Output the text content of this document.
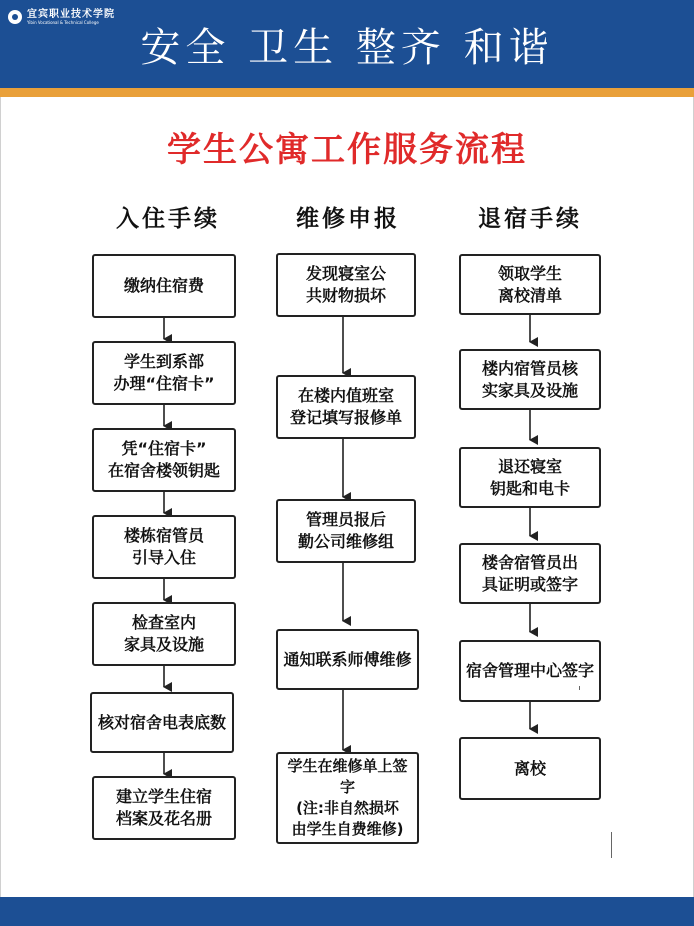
宜宾职业技术学院
Yibin Vocational & Technical College
安全 卫生 整齐 和谐
学生公寓工作服务流程
入住手续	维修申报	退宿手续
缴纳住宿费
学生到系部
办理“住宿卡”
凭“住宿卡”
在宿舍楼领钥匙
楼栋宿管员
引导入住
检查室内
家具及设施
核对宿舍电表底数
建立学生住宿
档案及花名册
发现寝室公
共财物损坏
在楼内值班室
登记填写报修单
管理员报后
勤公司维修组
通知联系师傅维修
学生在维修单上签字
(注:非自然损坏
由学生自费维修)
领取学生
离校清单
楼内宿管员核
实家具及设施
退还寝室
钥匙和电卡
楼舍宿管员出
具证明或签字
宿舍管理中心签字
离校
